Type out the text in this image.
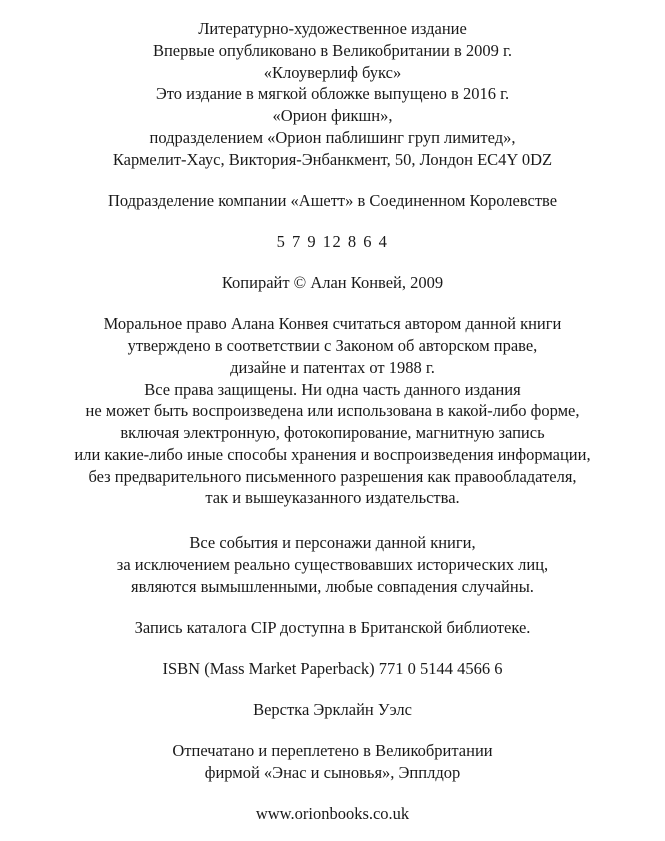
Литературно-художественное издание
Впервые опубликовано в Великобритании в 2009 г.
«Клоуверлиф букс»
Это издание в мягкой обложке выпущено в 2016 г.
«Орион фикшн»,
подразделением «Орион паблишинг груп лимитед»,
Кармелит-Хаус, Виктория-Энбанкмент, 50, Лондон EC4Y 0DZ
Подразделение компании «Ашетт» в Соединенном Королевстве
5 7 9 12 8 6 4
Копирайт © Алан Конвей, 2009
Моральное право Алана Конвея считаться автором данной книги
утверждено в соответствии с Законом об авторском праве,
дизайне и патентах от 1988 г.
Все права защищены. Ни одна часть данного издания
не может быть воспроизведена или использована в какой-либо форме,
включая электронную, фотокопирование, магнитную запись
или какие-либо иные способы хранения и воспроизведения информации,
без предварительного письменного разрешения как правообладателя,
так и вышеуказанного издательства.
Все события и персонажи данной книги,
за исключением реально существовавших исторических лиц,
являются вымышленными, любые совпадения случайны.
Запись каталога CIP доступна в Британской библиотеке.
ISBN (Mass Market Paperback) 771 0 5144 4566 6
Верстка Эрклайн Уэлс
Отпечатано и переплетено в Великобритании
фирмой «Энас и сыновья», Эпплдор
www.orionbooks.co.uk
